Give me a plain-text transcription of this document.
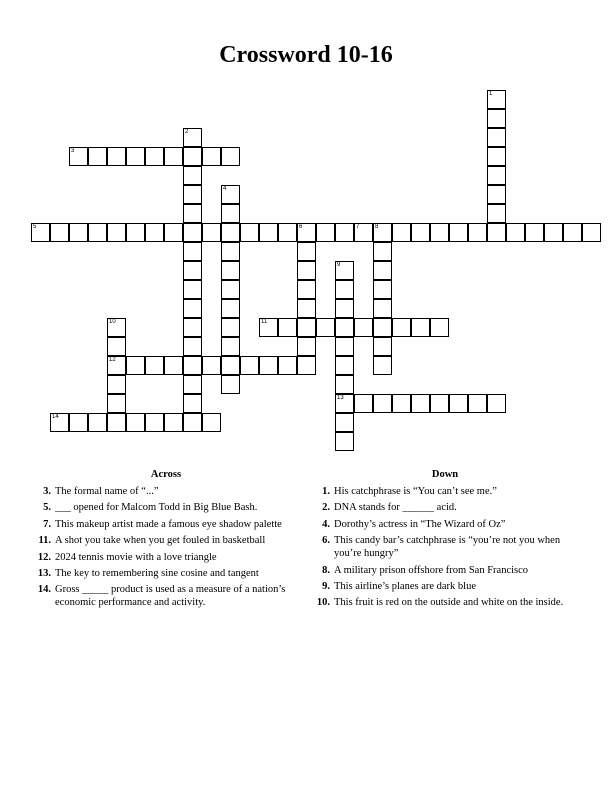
Crossword 10-16
1
2
3
4
5	6	7	8
9
13
10
12
11
14
Across
3. The formal name of “...”
5. ___ opened for Malcom Todd in Big Blue Bash.
7. This makeup artist made a famous eye shadow palette
11. A shot you take when you get fouled in basketball
12. 2024 tennis movie with a love triangle
13. The key to remembering sine cosine and tangent
14. Gross _____ product is used as a measure of a nation’s economic performance and activity.
Down
1. His catchphrase is “You can’t see me.”
2. DNA stands for ______ acid.
4. Dorothy’s actress in “The Wizard of Oz”
6. This candy bar’s catchphrase is “you’re not you when you’re hungry”
8. A military prison offshore from San Francisco
9. This airline’s planes are dark blue
10. This fruit is red on the outside and white on the inside.
